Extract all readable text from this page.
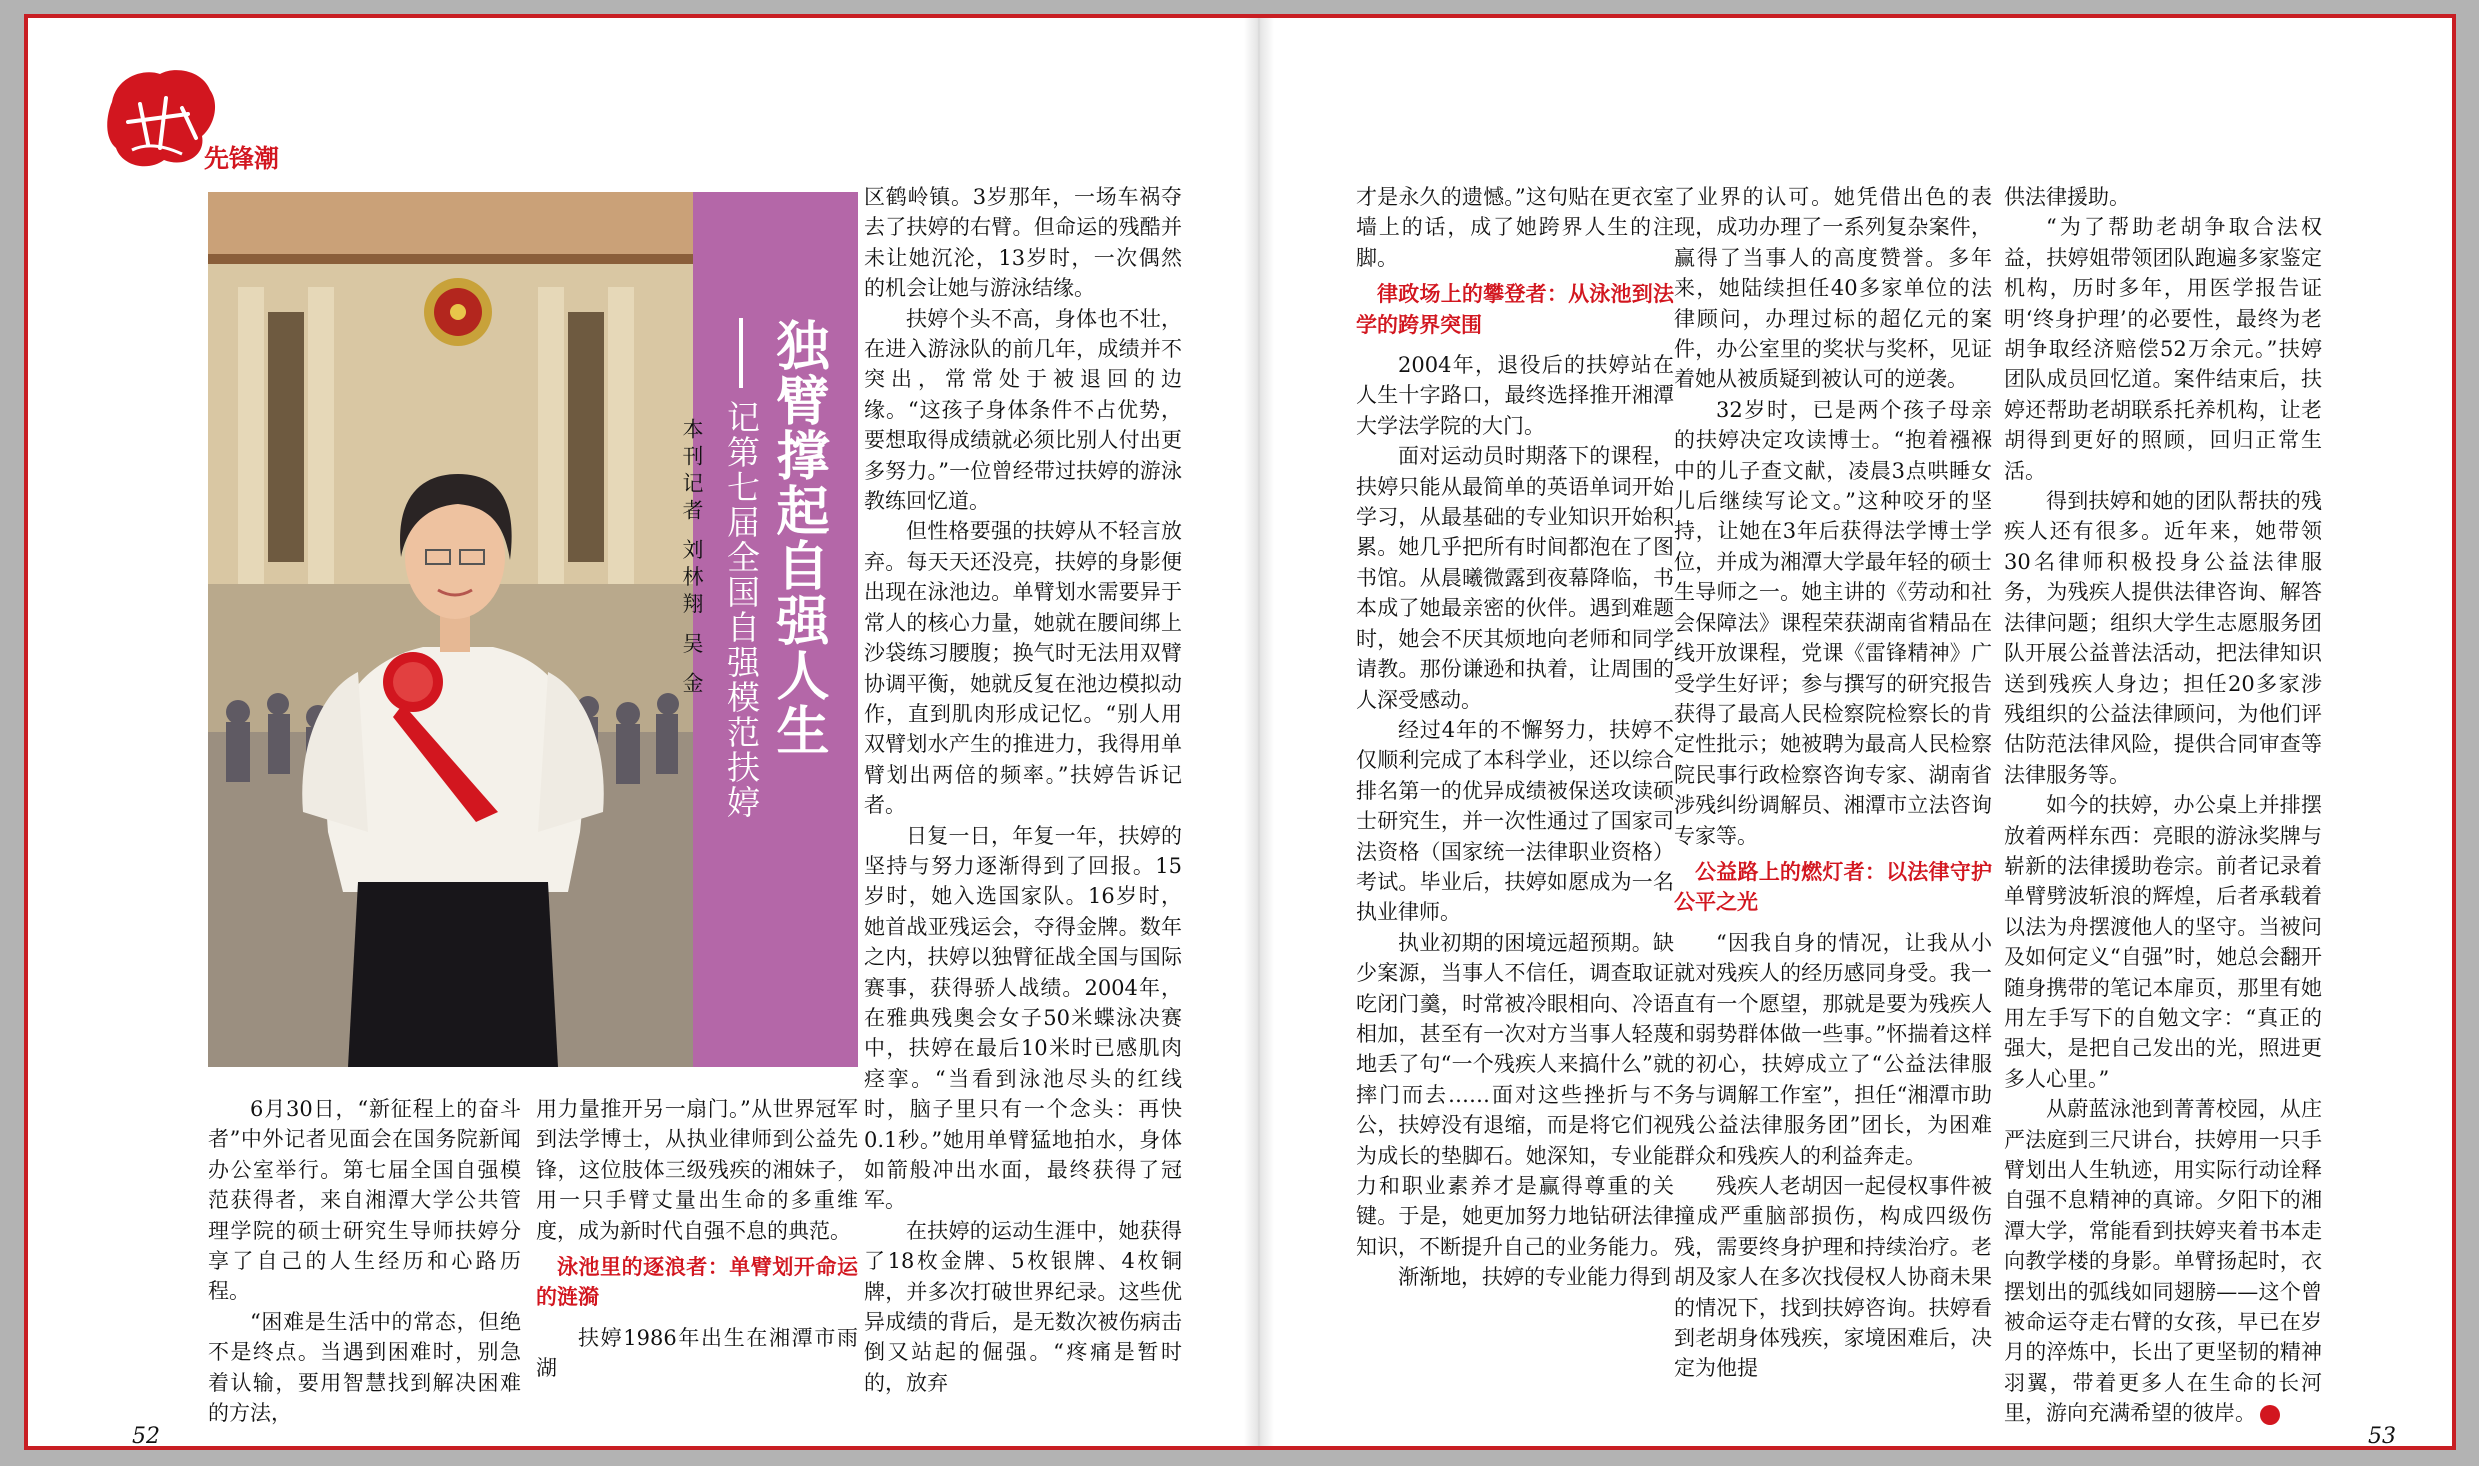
先锋潮
独臂撑起自强人生
记第七届全国自强模范扶婷
本刊记者 刘林翔 吴 金

6月30日，“新征程上的奋斗者”中外记者见面会在国务院新闻办公室举行。第七届全国自强模范获得者，来自湘潭大学公共管理学院的硕士研究生导师扶婷分享了自己的人生经历和心路历程。

“困难是生活中的常态，但绝不是终点。当遇到困难时，别急着认输，要用智慧找到解决困难的方法，

用力量推开另一扇门。”从世界冠军到法学博士，从执业律师到公益先锋，这位肢体三级残疾的湘妹子，用一只手臂丈量出生命的多重维度，成为新时代自强不息的典范。

泳池里的逐浪者：单臂划开命运的涟漪

扶婷1986年出生在湘潭市雨湖

区鹤岭镇。3岁那年，一场车祸夺去了扶婷的右臂。但命运的残酷并未让她沉沦，13岁时，一次偶然的机会让她与游泳结缘。

扶婷个头不高，身体也不壮，在进入游泳队的前几年，成绩并不突出，常常处于被退回的边缘。“这孩子身体条件不占优势，要想取得成绩就必须比别人付出更多努力。”一位曾经带过扶婷的游泳教练回忆道。

但性格要强的扶婷从不轻言放弃。每天天还没亮，扶婷的身影便出现在泳池边。单臂划水需要异于常人的核心力量，她就在腰间绑上沙袋练习腰腹；换气时无法用双臂协调平衡，她就反复在池边模拟动作，直到肌肉形成记忆。“别人用双臂划水产生的推进力，我得用单臂划出两倍的频率。”扶婷告诉记者。

日复一日，年复一年，扶婷的坚持与努力逐渐得到了回报。15岁时，她入选国家队。16岁时，她首战亚残运会，夺得金牌。数年之内，扶婷以独臂征战全国与国际赛事，获得骄人战绩。2004年，在雅典残奥会女子50米蝶泳决赛中，扶婷在最后10米时已感肌肉痉挛。“当看到泳池尽头的红线时，脑子里只有一个念头：再快0.1秒。”她用单臂猛地拍水，身体如箭般冲出水面，最终获得了冠军。

在扶婷的运动生涯中，她获得了18枚金牌、5枚银牌、4枚铜牌，并多次打破世界纪录。这些优异成绩的背后，是无数次被伤病击倒又站起的倔强。“疼痛是暂时的，放弃

才是永久的遗憾。”这句贴在更衣室墙上的话，成了她跨界人生的注脚。

律政场上的攀登者：从泳池到法学的跨界突围

2004年，退役后的扶婷站在人生十字路口，最终选择推开湘潭大学法学院的大门。

面对运动员时期落下的课程，扶婷只能从最简单的英语单词开始学习，从最基础的专业知识开始积累。她几乎把所有时间都泡在了图书馆。从晨曦微露到夜幕降临，书本成了她最亲密的伙伴。遇到难题时，她会不厌其烦地向老师和同学请教。那份谦逊和执着，让周围的人深受感动。

经过4年的不懈努力，扶婷不仅顺利完成了本科学业，还以综合排名第一的优异成绩被保送攻读硕士研究生，并一次性通过了国家司法资格（国家统一法律职业资格）考试。毕业后，扶婷如愿成为一名执业律师。

执业初期的困境远超预期。缺少案源，当事人不信任，调查取证吃闭门羹，时常被冷眼相向、冷语相加，甚至有一次对方当事人轻蔑地丢了句“一个残疾人来搞什么”就摔门而去……面对这些挫折与不公，扶婷没有退缩，而是将它们视为成长的垫脚石。她深知，专业能力和职业素养才是赢得尊重的关键。于是，她更加努力地钻研法律知识，不断提升自己的业务能力。

渐渐地，扶婷的专业能力得到

了业界的认可。她凭借出色的表现，成功办理了一系列复杂案件，赢得了当事人的高度赞誉。多年来，她陆续担任40多家单位的法律顾问，办理过标的超亿元的案件，办公室里的奖状与奖杯，见证着她从被质疑到被认可的逆袭。

32岁时，已是两个孩子母亲的扶婷决定攻读博士。“抱着襁褓中的儿子查文献，凌晨3点哄睡女儿后继续写论文。”这种咬牙的坚持，让她在3年后获得法学博士学位，并成为湘潭大学最年轻的硕士生导师之一。她主讲的《劳动和社会保障法》课程荣获湖南省精品在线开放课程，党课《雷锋精神》广受学生好评；参与撰写的研究报告获得了最高人民检察院检察长的肯定性批示；她被聘为最高人民检察院民事行政检察咨询专家、湖南省涉残纠纷调解员、湘潭市立法咨询专家等。

公益路上的燃灯者：以法律守护公平之光

“因我自身的情况，让我从小就对残疾人的经历感同身受。我一直有一个愿望，那就是要为残疾人和弱势群体做一些事。”怀揣着这样的初心，扶婷成立了“公益法律服务与调解工作室”，担任“湘潭市助残公益法律服务团”团长，为困难群众和残疾人的利益奔走。

残疾人老胡因一起侵权事件被撞成严重脑部损伤，构成四级伤残，需要终身护理和持续治疗。老胡及家人在多次找侵权人协商未果的情况下，找到扶婷咨询。扶婷看到老胡身体残疾，家境困难后，决定为他提

供法律援助。

“为了帮助老胡争取合法权益，扶婷姐带领团队跑遍多家鉴定机构，历时多年，用医学报告证明‘终身护理’的必要性，最终为老胡争取经济赔偿52万余元。”扶婷团队成员回忆道。案件结束后，扶婷还帮助老胡联系托养机构，让老胡得到更好的照顾，回归正常生活。

得到扶婷和她的团队帮扶的残疾人还有很多。近年来，她带领30名律师积极投身公益法律服务，为残疾人提供法律咨询、解答法律问题；组织大学生志愿服务团队开展公益普法活动，把法律知识送到残疾人身边；担任20多家涉残组织的公益法律顾问，为他们评估防范法律风险，提供合同审查等法律服务等。

如今的扶婷，办公桌上并排摆放着两样东西：亮眼的游泳奖牌与崭新的法律援助卷宗。前者记录着单臂劈波斩浪的辉煌，后者承载着以法为舟摆渡他人的坚守。当被问及如何定义“自强”时，她总会翻开随身携带的笔记本扉页，那里有她用左手写下的自勉文字：“真正的强大，是把自己发出的光，照进更多人心里。”

从蔚蓝泳池到菁菁校园，从庄严法庭到三尺讲台，扶婷用一只手臂划出人生轨迹，用实际行动诠释自强不息精神的真谛。夕阳下的湘潭大学，常能看到扶婷夹着书本走向教学楼的身影。单臂扬起时，衣摆划出的弧线如同翅膀——这个曾被命运夺走右臂的女孩，早已在岁月的淬炼中，长出了更坚韧的精神羽翼，带着更多人在生命的长河里，游向充满希望的彼岸。

52	53
